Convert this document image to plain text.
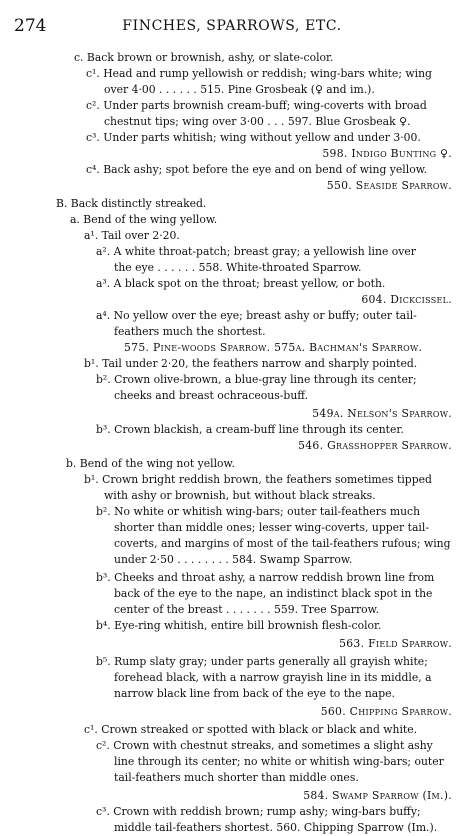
274	FINCHES, SPARROWS, ETC.
c. Back brown or brownish, ashy, or slate-color.
c¹. Head and rump yellowish or reddish; wing-bars white; wing
over 4·00 . . . . . . 515. Pine Grosbeak (♀ and im.).
c². Under parts brownish cream-buff; wing-coverts with broad
chestnut tips; wing over 3·00 . . . 597. Blue Grosbeak ♀.
c³. Under parts whitish; wing without yellow and under 3·00.
598. Indigo Bunting ♀.
c⁴. Back ashy; spot before the eye and on bend of wing yellow.
550. Seaside Sparrow.
B. Back distinctly streaked.
a. Bend of the wing yellow.
a¹. Tail over 2·20.
a². A white throat-patch; breast gray; a yellowish line over
the eye . . . . . . 558. White-throated Sparrow.
a³. A black spot on the throat; breast yellow, or both.
604. Dickcissel.
a⁴. No yellow over the eye; breast ashy or buffy; outer tail-
feathers much the shortest.
575. Pine-woods Sparrow. 575a. Bachman's Sparrow.
b¹. Tail under 2·20, the feathers narrow and sharply pointed.
b². Crown olive-brown, a blue-gray line through its center;
cheeks and breast ochraceous-buff.
549a. Nelson's Sparrow.
b³. Crown blackish, a cream-buff line through its center.
546. Grasshopper Sparrow.
b. Bend of the wing not yellow.
b¹. Crown bright reddish brown, the feathers sometimes tipped
with ashy or brownish, but without black streaks.
b². No white or whitish wing-bars; outer tail-feathers much
shorter than middle ones; lesser wing-coverts, upper tail-
coverts, and margins of most of the tail-feathers rufous; wing
under 2·50 . . . . . . . . 584. Swamp Sparrow.
b³. Cheeks and throat ashy, a narrow reddish brown line from
back of the eye to the nape, an indistinct black spot in the
center of the breast . . . . . . . 559. Tree Sparrow.
b⁴. Eye-ring whitish, entire bill brownish flesh-color.
563. Field Sparrow.
b⁵. Rump slaty gray; under parts generally all grayish white;
forehead black, with a narrow grayish line in its middle, a
narrow black line from back of the eye to the nape.
560. Chipping Sparrow.
c¹. Crown streaked or spotted with black or black and white.
c². Crown with chestnut streaks, and sometimes a slight ashy
line through its center; no white or whitish wing-bars; outer
tail-feathers much shorter than middle ones.
584. Swamp Sparrow (Im.).
c³. Crown with reddish brown; rump ashy; wing-bars buffy;
middle tail-feathers shortest. 560. Chipping Sparrow (Im.).
